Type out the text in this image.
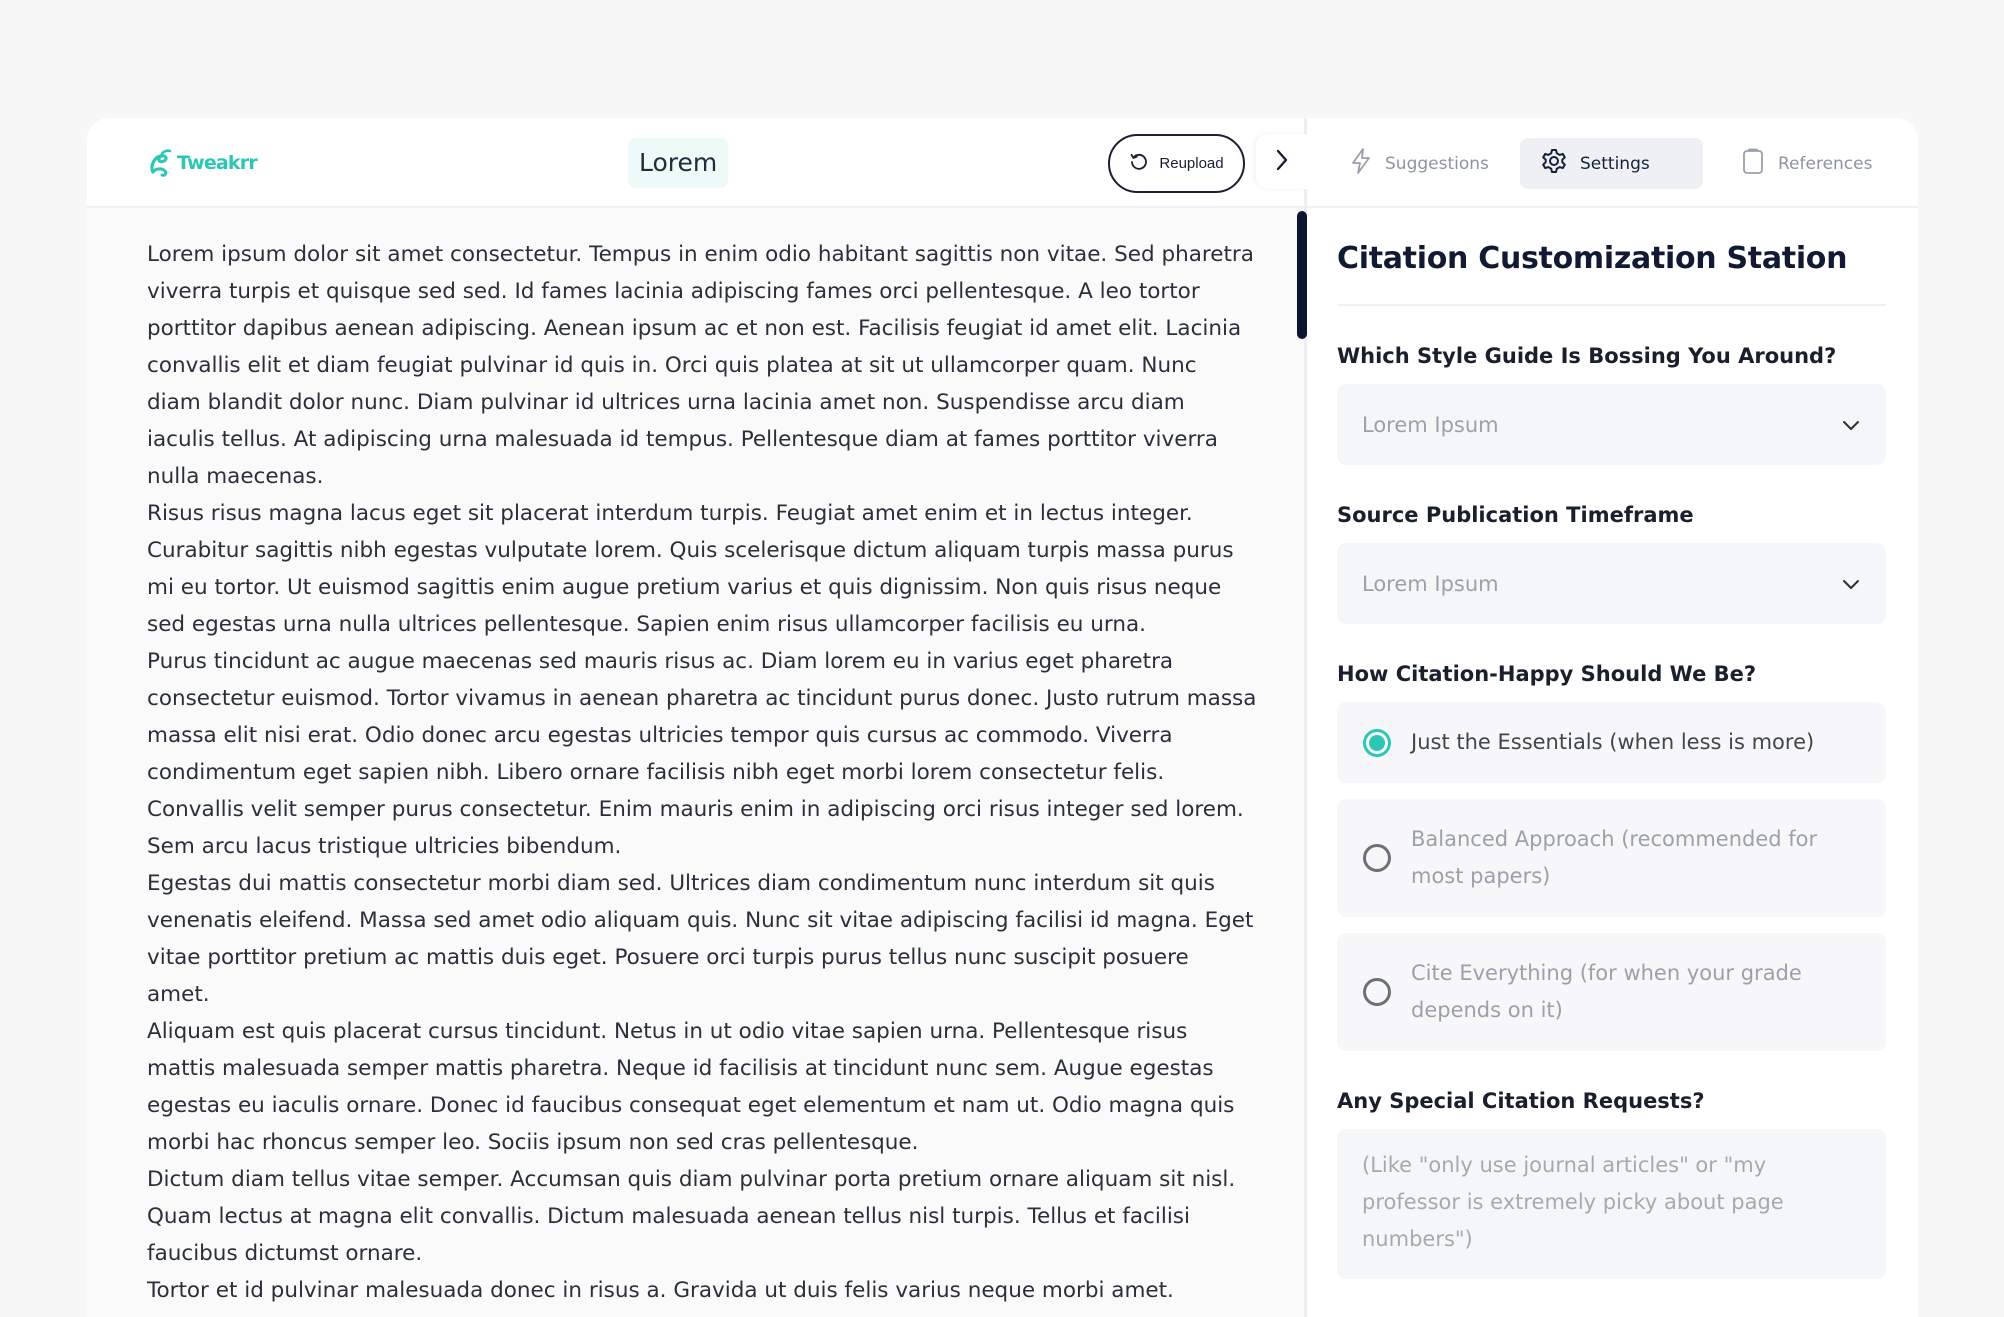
Tweakrr	Lorem	Reupload

Lorem ipsum dolor sit amet consectetur. Tempus in enim odio habitant sagittis non vitae. Sed pharetra viverra turpis et quisque sed sed. Id fames lacinia adipiscing fames orci pellentesque. A leo tortor porttitor dapibus aenean adipiscing. Aenean ipsum ac et non est. Facilisis feugiat id amet elit. Lacinia convallis elit et diam feugiat pulvinar id quis in. Orci quis platea at sit ut ullamcorper quam. Nunc diam blandit dolor nunc. Diam pulvinar id ultrices urna lacinia amet non. Suspendisse arcu diam iaculis tellus. At adipiscing urna malesuada id tempus. Pellentesque diam at fames porttitor viverra nulla maecenas.

Risus risus magna lacus eget sit placerat interdum turpis. Feugiat amet enim et in lectus integer. Curabitur sagittis nibh egestas vulputate lorem. Quis scelerisque dictum aliquam turpis massa purus mi eu tortor. Ut euismod sagittis enim augue pretium varius et quis dignissim. Non quis risus neque sed egestas urna nulla ultrices pellentesque. Sapien enim risus ullamcorper facilisis eu urna.

Purus tincidunt ac augue maecenas sed mauris risus ac. Diam lorem eu in varius eget pharetra consectetur euismod. Tortor vivamus in aenean pharetra ac tincidunt purus donec. Justo rutrum massa massa elit nisi erat. Odio donec arcu egestas ultricies tempor quis cursus ac commodo. Viverra condimentum eget sapien nibh. Libero ornare facilisis nibh eget morbi lorem consectetur felis. Convallis velit semper purus consectetur. Enim mauris enim in adipiscing orci risus integer sed lorem. Sem arcu lacus tristique ultricies bibendum.

Egestas dui mattis consectetur morbi diam sed. Ultrices diam condimentum nunc interdum sit quis venenatis eleifend. Massa sed amet odio aliquam quis. Nunc sit vitae adipiscing facilisi id magna. Eget vitae porttitor pretium ac mattis duis eget. Posuere orci turpis purus tellus nunc suscipit posuere amet.

Aliquam est quis placerat cursus tincidunt. Netus in ut odio vitae sapien urna. Pellentesque risus mattis malesuada semper mattis pharetra. Neque id facilisis at tincidunt nunc sem. Augue egestas egestas eu iaculis ornare. Donec id faucibus consequat eget elementum et nam ut. Odio magna quis morbi hac rhoncus semper leo. Sociis ipsum non sed cras pellentesque.

Dictum diam tellus vitae semper. Accumsan quis diam pulvinar porta pretium ornare aliquam sit nisl. Quam lectus at magna elit convallis. Dictum malesuada aenean tellus nisl turpis. Tellus et facilisi faucibus dictumst ornare.

Tortor et id pulvinar malesuada donec in risus a. Gravida ut duis felis varius neque morbi amet.

Suggestions	Settings	References
Citation Customization Station
Which Style Guide Is Bossing You Around?
Lorem Ipsum
Source Publication Timeframe
Lorem Ipsum
How Citation-Happy Should We Be?
Just the Essentials (when less is more)
Balanced Approach (recommended for most papers)
Cite Everything (for when your grade depends on it)
Any Special Citation Requests?
(Like "only use journal articles" or "my professor is extremely picky about page numbers")
